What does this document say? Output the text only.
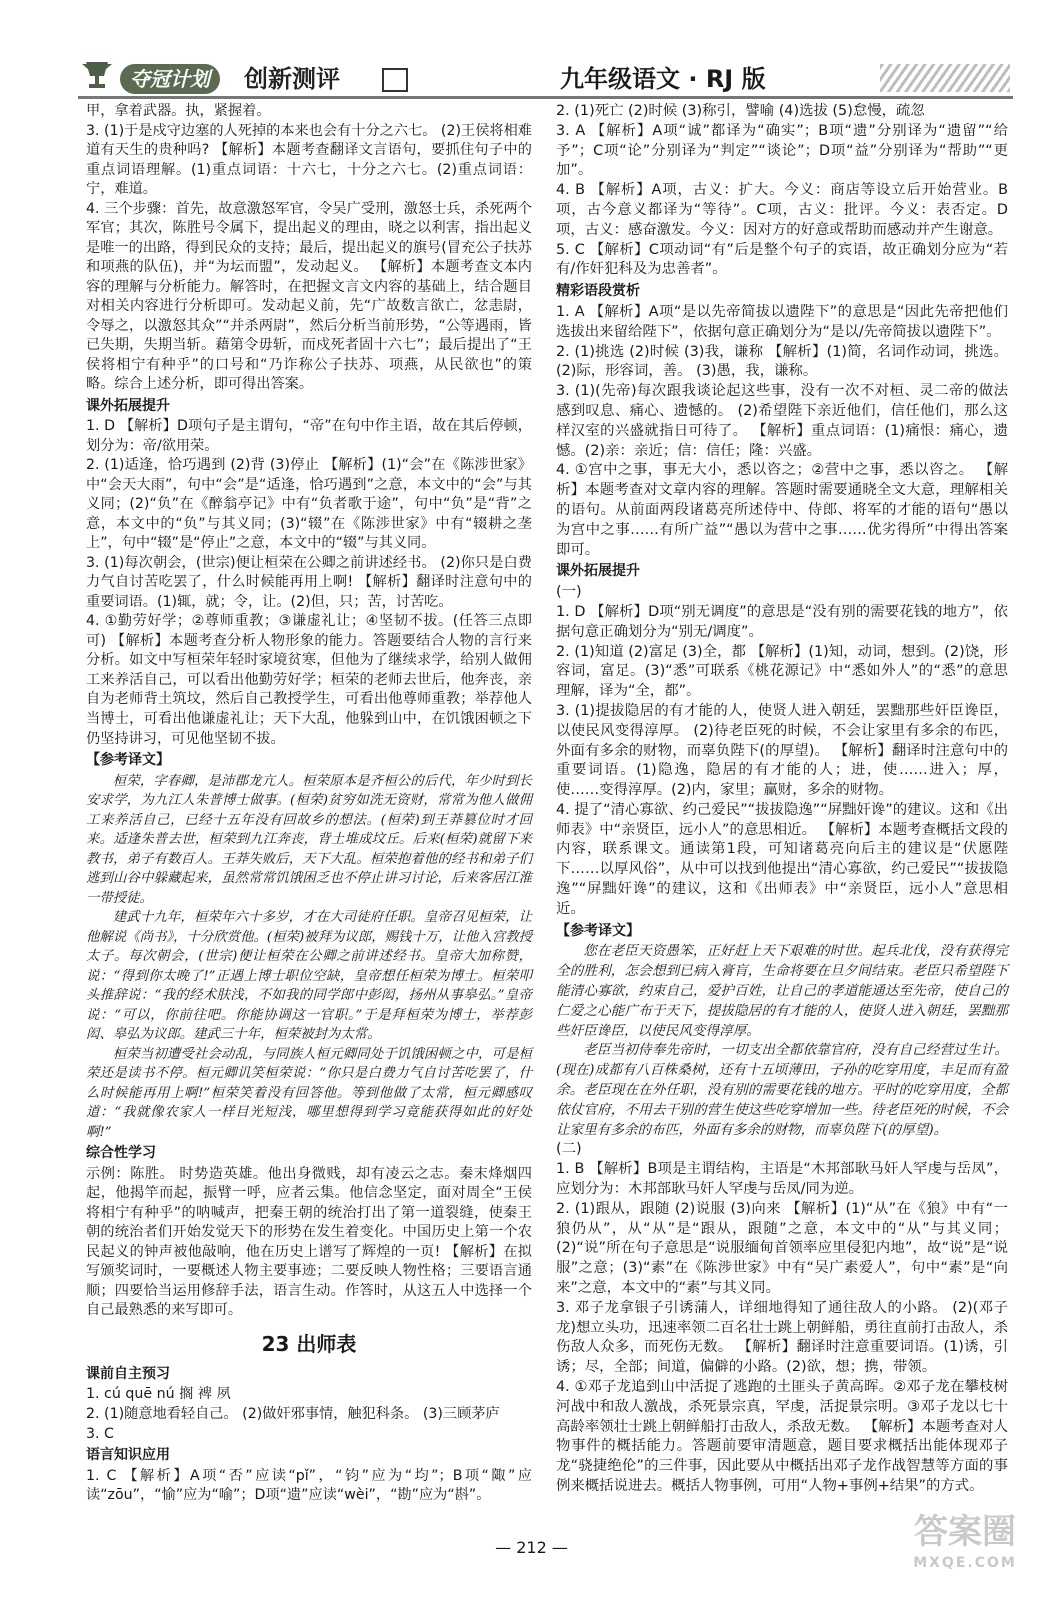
夺冠计划	创新测评	九年级语文 · RJ 版

甲，拿着武器。执，紧握着。

3. (1)于是戍守边塞的人死掉的本来也会有十分之六七。 (2)王侯将相难道有天生的贵种吗? 【解析】本题考查翻译文言语句，要抓住句子中的重点词语理解。(1)重点词语：十六七，十分之六七。(2)重点词语：宁，难道。

4. 三个步骤：首先，故意激怒军官，令吴广受刑，激怒士兵，杀死两个军官；其次，陈胜号令属下，提出起义的理由，晓之以利害，指出起义是唯一的出路，得到民众的支持；最后，提出起义的旗号(冒充公子扶苏和项燕的队伍)，并“为坛而盟”，发动起义。 【解析】本题考查文本内容的理解与分析能力。解答时，在把握文言文内容的基础上，结合题目对相关内容进行分析即可。发动起义前，先“广故数言欲亡，忿恚尉，令辱之，以激怒其众”“并杀两尉”，然后分析当前形势，“公等遇雨，皆已失期，失期当斩。藉第令毋斩，而戍死者固十六七”；最后提出了“王侯将相宁有种乎”的口号和“乃诈称公子扶苏、项燕，从民欲也”的策略。综合上述分析，即可得出答案。

课外拓展提升

1. D 【解析】D项句子是主谓句，“帝”在句中作主语，故在其后停顿，划分为：帝/欲用荣。

2. (1)适逢，恰巧遇到 (2)背 (3)停止 【解析】(1)“会”在《陈涉世家》中“会天大雨”，句中“会”是“适逢，恰巧遇到”之意，本文中的“会”与其义同；(2)“负”在《醉翁亭记》中有“负者歌于途”，句中“负”是“背”之意，本文中的“负”与其义同；(3)“辍”在《陈涉世家》中有“辍耕之垄上”，句中“辍”是“停止”之意，本文中的“辍”与其义同。

3. (1)每次朝会，(世宗)便让桓荣在公卿之前讲述经书。 (2)你只是白费力气自讨苦吃罢了，什么时候能再用上啊! 【解析】翻译时注意句中的重要词语。(1)辄，就；令，让。(2)但，只；苦，讨苦吃。

4. ①勤劳好学；②尊师重教；③谦虚礼让；④坚韧不拔。(任答三点即可) 【解析】本题考查分析人物形象的能力。答题要结合人物的言行来分析。如文中写桓荣年轻时家境贫寒，但他为了继续求学，给别人做佣工来养活自己，可以看出他勤劳好学；桓荣的老师去世后，他奔丧，亲自为老师背土筑坟，然后自己教授学生，可看出他尊师重教；举荐他人当博士，可看出他谦虚礼让；天下大乱，他躲到山中，在饥饿困顿之下仍坚持讲习，可见他坚韧不拔。

【参考译文】

桓荣，字春卿，是沛郡龙亢人。桓荣原本是齐桓公的后代，年少时到长安求学，为九江人朱普博士做事。(桓荣)贫穷如洗无资财，常常为他人做佣工来养活自己，已经十五年没有回故乡的想法。(桓荣)到王莽篡位时才回来。适逢朱普去世，桓荣到九江奔丧，背土堆成坟丘。后来(桓荣)就留下来教书，弟子有数百人。王莽失败后，天下大乱。桓荣抱着他的经书和弟子们逃到山谷中躲藏起来，虽然常常饥饿困乏也不停止讲习讨论，后来客居江淮一带授徒。

建武十九年，桓荣年六十多岁，才在大司徒府任职。皇帝召见桓荣，让他解说《尚书》，十分欣赏他。(桓荣)被拜为议郎，赐钱十万，让他入宫教授太子。每次朝会，(世宗)便让桓荣在公卿之前讲述经书。皇帝大加称赞，说：“得到你太晚了!”正遇上博士职位空缺，皇帝想任桓荣为博士。桓荣叩头推辞说：“我的经术肤浅，不如我的同学郎中彭闳，扬州从事皋弘。”皇帝说：“可以，你前往吧。你能协调这一官职。”于是拜桓荣为博士，举荐彭闳、皋弘为议郎。建武三十年，桓荣被封为太常。

桓荣当初遭受社会动乱，与同族人桓元卿同处于饥饿困顿之中，可是桓荣还是读书不停。桓元卿讥笑桓荣说：“你只是白费力气自讨苦吃罢了，什么时候能再用上啊!”桓荣笑着没有回答他。等到他做了太常，桓元卿感叹道：“我就像农家人一样目光短浅，哪里想得到学习竟能获得如此的好处啊!”

综合性学习

示例：陈胜。 时势造英雄。他出身微贱，却有凌云之志。秦末烽烟四起，他揭竿而起，振臂一呼，应者云集。他信念坚定，面对周全“王侯将相宁有种乎”的呐喊声，把秦王朝的统治打出了第一道裂缝，使秦王朝的统治者们开始发觉天下的形势在发生着变化。中国历史上第一个农民起义的钟声被他敲响，他在历史上谱写了辉煌的一页! 【解析】在拟写颁奖词时，一要概述人物主要事迹；二要反映人物性格；三要语言通顺；四要恰当运用修辞手法，语言生动。作答时，从这五人中选择一个自己最熟悉的来写即可。

23 出师表

课前自主预习

1. cú quē nú 搁 裨 夙

2. (1)随意地看轻自己。 (2)做奸邪事情，触犯科条。 (3)三顾茅庐

3. C

语言知识应用

1. C 【解析】A项“否”应读“pǐ”，“钧”应为“均”；B项“陬”应读“zōu”，“愉”应为“喻”；D项“遗”应读“wèi”，“勘”应为“斟”。

2. (1)死亡 (2)时候 (3)称引，譬喻 (4)选拔 (5)怠慢，疏忽

3. A 【解析】A项“诚”都译为“确实”；B项“遗”分别译为“遗留”“给予”；C项“论”分别译为“判定”“谈论”；D项“益”分别译为“帮助”“更加”。

4. B 【解析】A项，古义：扩大。今义：商店等设立后开始营业。B项，古今意义都译为“等待”。C项，古义：批评。今义：表否定。D项，古义：感奋激发。今义：因对方的好意或帮助而感动并产生谢意。

5. C 【解析】C项动词“有”后是整个句子的宾语，故正确划分应为“若有/作奸犯科及为忠善者”。

精彩语段赏析

1. A 【解析】A项“是以先帝简拔以遗陛下”的意思是“因此先帝把他们选拔出来留给陛下”，依据句意正确划分为“是以/先帝简拔以遗陛下”。

2. (1)挑选 (2)时候 (3)我，谦称 【解析】(1)简，名词作动词，挑选。(2)际，形容词，善。 (3)愚，我，谦称。

3. (1)(先帝)每次跟我谈论起这些事，没有一次不对桓、灵二帝的做法感到叹息、痛心、遗憾的。 (2)希望陛下亲近他们，信任他们，那么这样汉室的兴盛就指日可待了。 【解析】重点词语：(1)痛恨：痛心，遗憾。(2)亲：亲近；信：信任；隆：兴盛。

4. ①宫中之事，事无大小，悉以咨之；②营中之事，悉以咨之。 【解析】本题考查对文章内容的理解。答题时需要通晓全文大意，理解相关的语句。从前面两段诸葛亮所述侍中、侍郎、将军的才能的语句“愚以为宫中之事……有所广益”“愚以为营中之事……优劣得所”中得出答案即可。

课外拓展提升

(一)

1. D 【解析】D项“别无调度”的意思是“没有别的需要花钱的地方”，依据句意正确划分为“别无/调度”。

2. (1)知道 (2)富足 (3)全，都 【解析】(1)知，动词，想到。(2)饶，形容词，富足。(3)“悉”可联系《桃花源记》中“悉如外人”的“悉”的意思理解，译为“全，都”。

3. (1)提拔隐居的有才能的人，使贤人进入朝廷，罢黜那些奸臣谗臣，以使民风变得淳厚。 (2)待老臣死的时候，不会让家里有多余的布匹，外面有多余的财物，而辜负陛下(的厚望)。 【解析】翻译时注意句中的重要词语。(1)隐逸，隐居的有才能的人；进，使……进入；厚，使……变得淳厚。(2)内，家里；赢财，多余的财物。

4. 提了“清心寡欲、约己爱民”“拔拔隐逸”“屏黜奸谗”的建议。这和《出师表》中“亲贤臣，远小人”的意思相近。 【解析】本题考查概括文段的内容，联系课文。通读第1段，可知诸葛亮向后主的建议是“伏愿陛下……以厚风俗”，从中可以找到他提出“清心寡欲，约己爱民”“拔拔隐逸”“屏黜奸谗”的建议，这和《出师表》中“亲贤臣，远小人”意思相近。

【参考译文】

您在老臣天资愚笨，正好赶上天下艰难的时世。起兵北伐，没有获得完全的胜利，怎会想到已病入膏肓，生命将要在旦夕间结束。老臣只希望陛下能清心寡欲，约束自己，爱护百姓，让自己的孝道能通达至先帝，使自己的仁爱之心能广布于天下，提拔隐居的有才能的人，使贤人进入朝廷，罢黜那些奸臣谗臣，以使民风变得淳厚。

老臣当初侍奉先帝时，一切支出全都依靠官府，没有自己经营过生计。(现在)成都有八百株桑树，还有十五顷薄田，子孙的吃穿用度，丰足而有盈余。老臣现在在外任职，没有别的需要花钱的地方。平时的吃穿用度，全都依仗官府，不用去干别的营生使这些吃穿增加一些。待老臣死的时候，不会让家里有多余的布匹，外面有多余的财物，而辜负陛下(的厚望)。

(二)

1. B 【解析】B项是主谓结构，主语是“木邦部耿马奸人罕虔与岳凤”，应划分为：木邦部耿马奸人罕虔与岳凤/同为逆。

2. (1)跟从，跟随 (2)说服 (3)向来 【解析】(1)“从”在《狼》中有“一狼仍从”，从“从”是“跟从，跟随”之意，本文中的“从”与其义同；(2)“说”所在句子意思是“说服缅甸首领率应里侵犯内地”，故“说”是“说服”之意；(3)“素”在《陈涉世家》中有“吴广素爱人”，句中“素”是“向来”之意，本文中的“素”与其义同。

3. 邓子龙拿银子引诱蒲人，详细地得知了通往敌人的小路。 (2)(邓子龙)想立头功，迅速率领二百名壮士跳上朝鲜船，勇往直前打击敌人，杀伤敌人众多，而死伤无数。 【解析】翻译时注意重要词语。(1)诱，引诱；尽，全部；间道，偏僻的小路。(2)欲，想；携，带领。

4. ①邓子龙追到山中活捉了逃跑的土匪头子黄高晖。②邓子龙在攀枝树河战中和敌人激战，杀死景宗真，罕虔，活捉景宗明。③邓子龙以七十高龄率领壮士跳上朝鲜船打击敌人，杀敌无数。 【解析】本题考查对人物事件的概括能力。答题前要审清题意，题目要求概括出能体现邓子龙“骁捷绝伦”的三件事，因此要从中概括出邓子龙作战智慧等方面的事例来概括说进去。概括人物事例，可用“人物+事例+结果”的方式。

— 212 —	答案圈
MXQE.COM
